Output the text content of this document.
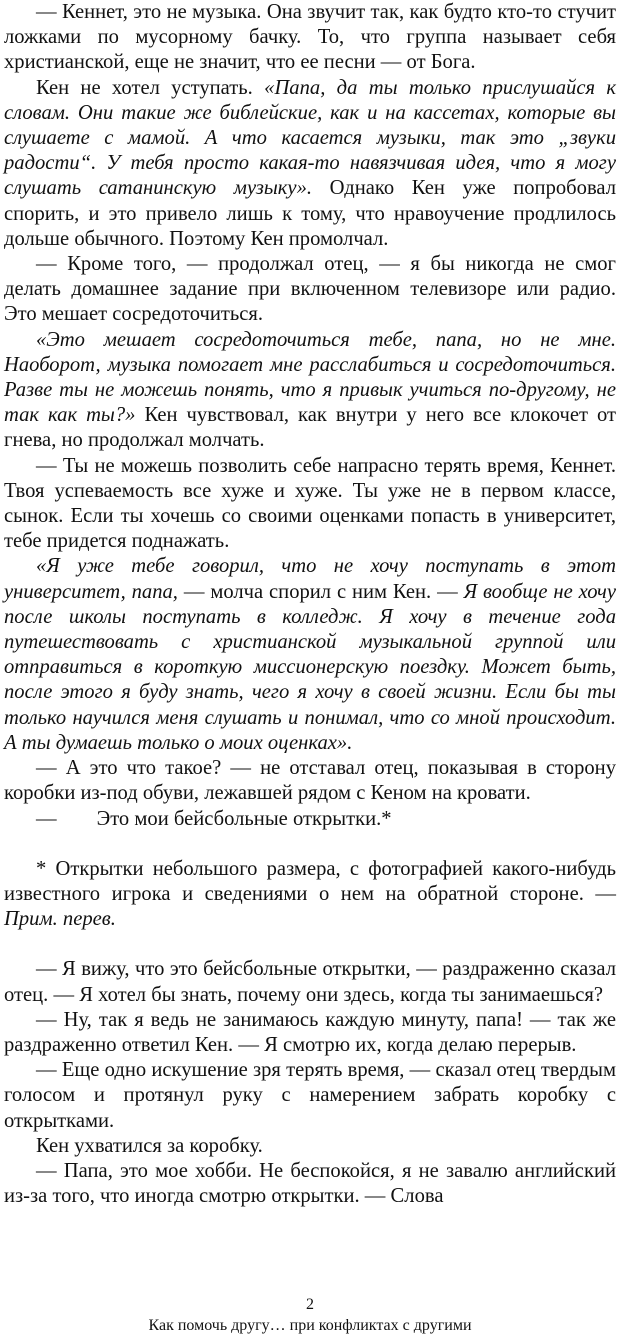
— Кеннет, это не музыка. Она звучит так, как будто кто-то стучит ложками по мусорному бачку. То, что группа называет себя христианской, еще не значит, что ее песни — от Бога.

Кен не хотел уступать. «Папа, да ты только прислушайся к словам. Они такие же библейские, как и на кассетах, которые вы слушаете с мамой. А что касается музыки, так это „звуки радости“. У тебя просто какая-то навязчивая идея, что я могу слушать сатанинскую музыку». Однако Кен уже попробовал спорить, и это привело лишь к тому, что нравоучение продлилось дольше обычного. Поэтому Кен промолчал.

— Кроме того, — продолжал отец, — я бы никогда не смог делать домашнее задание при включенном телевизоре или радио. Это мешает сосредоточиться.

«Это мешает сосредоточиться тебе, папа, но не мне. Наоборот, музыка помогает мне расслабиться и сосредоточиться. Разве ты не можешь понять, что я привык учиться по-другому, не так как ты?» Кен чувствовал, как внутри у него все клокочет от гнева, но продолжал молчать.

— Ты не можешь позволить себе напрасно терять время, Кеннет. Твоя успеваемость все хуже и хуже. Ты уже не в первом классе, сынок. Если ты хочешь со своими оценками попасть в университет, тебе придется поднажать.

«Я уже тебе говорил, что не хочу поступать в этот университет, папа, — молча спорил с ним Кен. — Я вообще не хочу после школы поступать в колледж. Я хочу в течение года путешествовать с христианской музыкальной группой или отправиться в короткую миссионерскую поездку. Может быть, после этого я буду знать, чего я хочу в своей жизни. Если бы ты только научился меня слушать и понимал, что со мной происходит. А ты думаешь только о моих оценках».

— А это что такое? — не отставал отец, показывая в сторону коробки из-под обуви, лежавшей рядом с Кеном на кровати.

— Это мои бейсбольные открытки.*

* Открытки небольшого размера, с фотографией какого-нибудь известного игрока и сведениями о нем на обратной стороне. — Прим. перев.

— Я вижу, что это бейсбольные открытки, — раздраженно сказал отец. — Я хотел бы знать, почему они здесь, когда ты занимаешься?

— Ну, так я ведь не занимаюсь каждую минуту, папа! — так же раздраженно ответил Кен. — Я смотрю их, когда делаю перерыв.

— Еще одно искушение зря терять время, — сказал отец твердым голосом и протянул руку с намерением забрать коробку с открытками.

Кен ухватился за коробку.

— Папа, это мое хобби. Не беспокойся, я не завалю английский из-за того, что иногда смотрю открытки. — Слова

2
Как помочь другу… при конфликтах с другими
